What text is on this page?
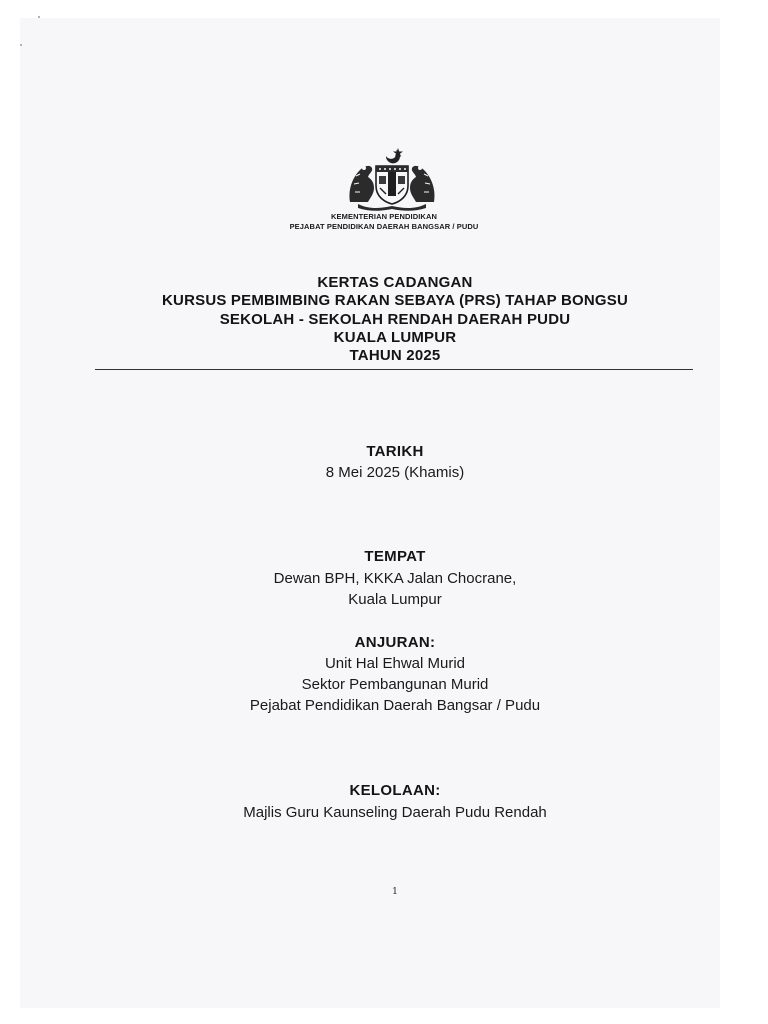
KEMENTERIAN PENDIDIKAN
PEJABAT PENDIDIKAN DAERAH BANGSAR / PUDU
KERTAS CADANGAN
KURSUS PEMBIMBING RAKAN SEBAYA (PRS) TAHAP BONGSU
SEKOLAH - SEKOLAH RENDAH DAERAH PUDU
KUALA LUMPUR
TAHUN 2025
TARIKH
8 Mei 2025 (Khamis)
TEMPAT
Dewan BPH, KKKA Jalan Chocrane,
Kuala Lumpur
ANJURAN:
Unit Hal Ehwal Murid
Sektor Pembangunan Murid
Pejabat Pendidikan Daerah Bangsar / Pudu
KELOLAAN:
Majlis Guru Kaunseling Daerah Pudu Rendah
1
